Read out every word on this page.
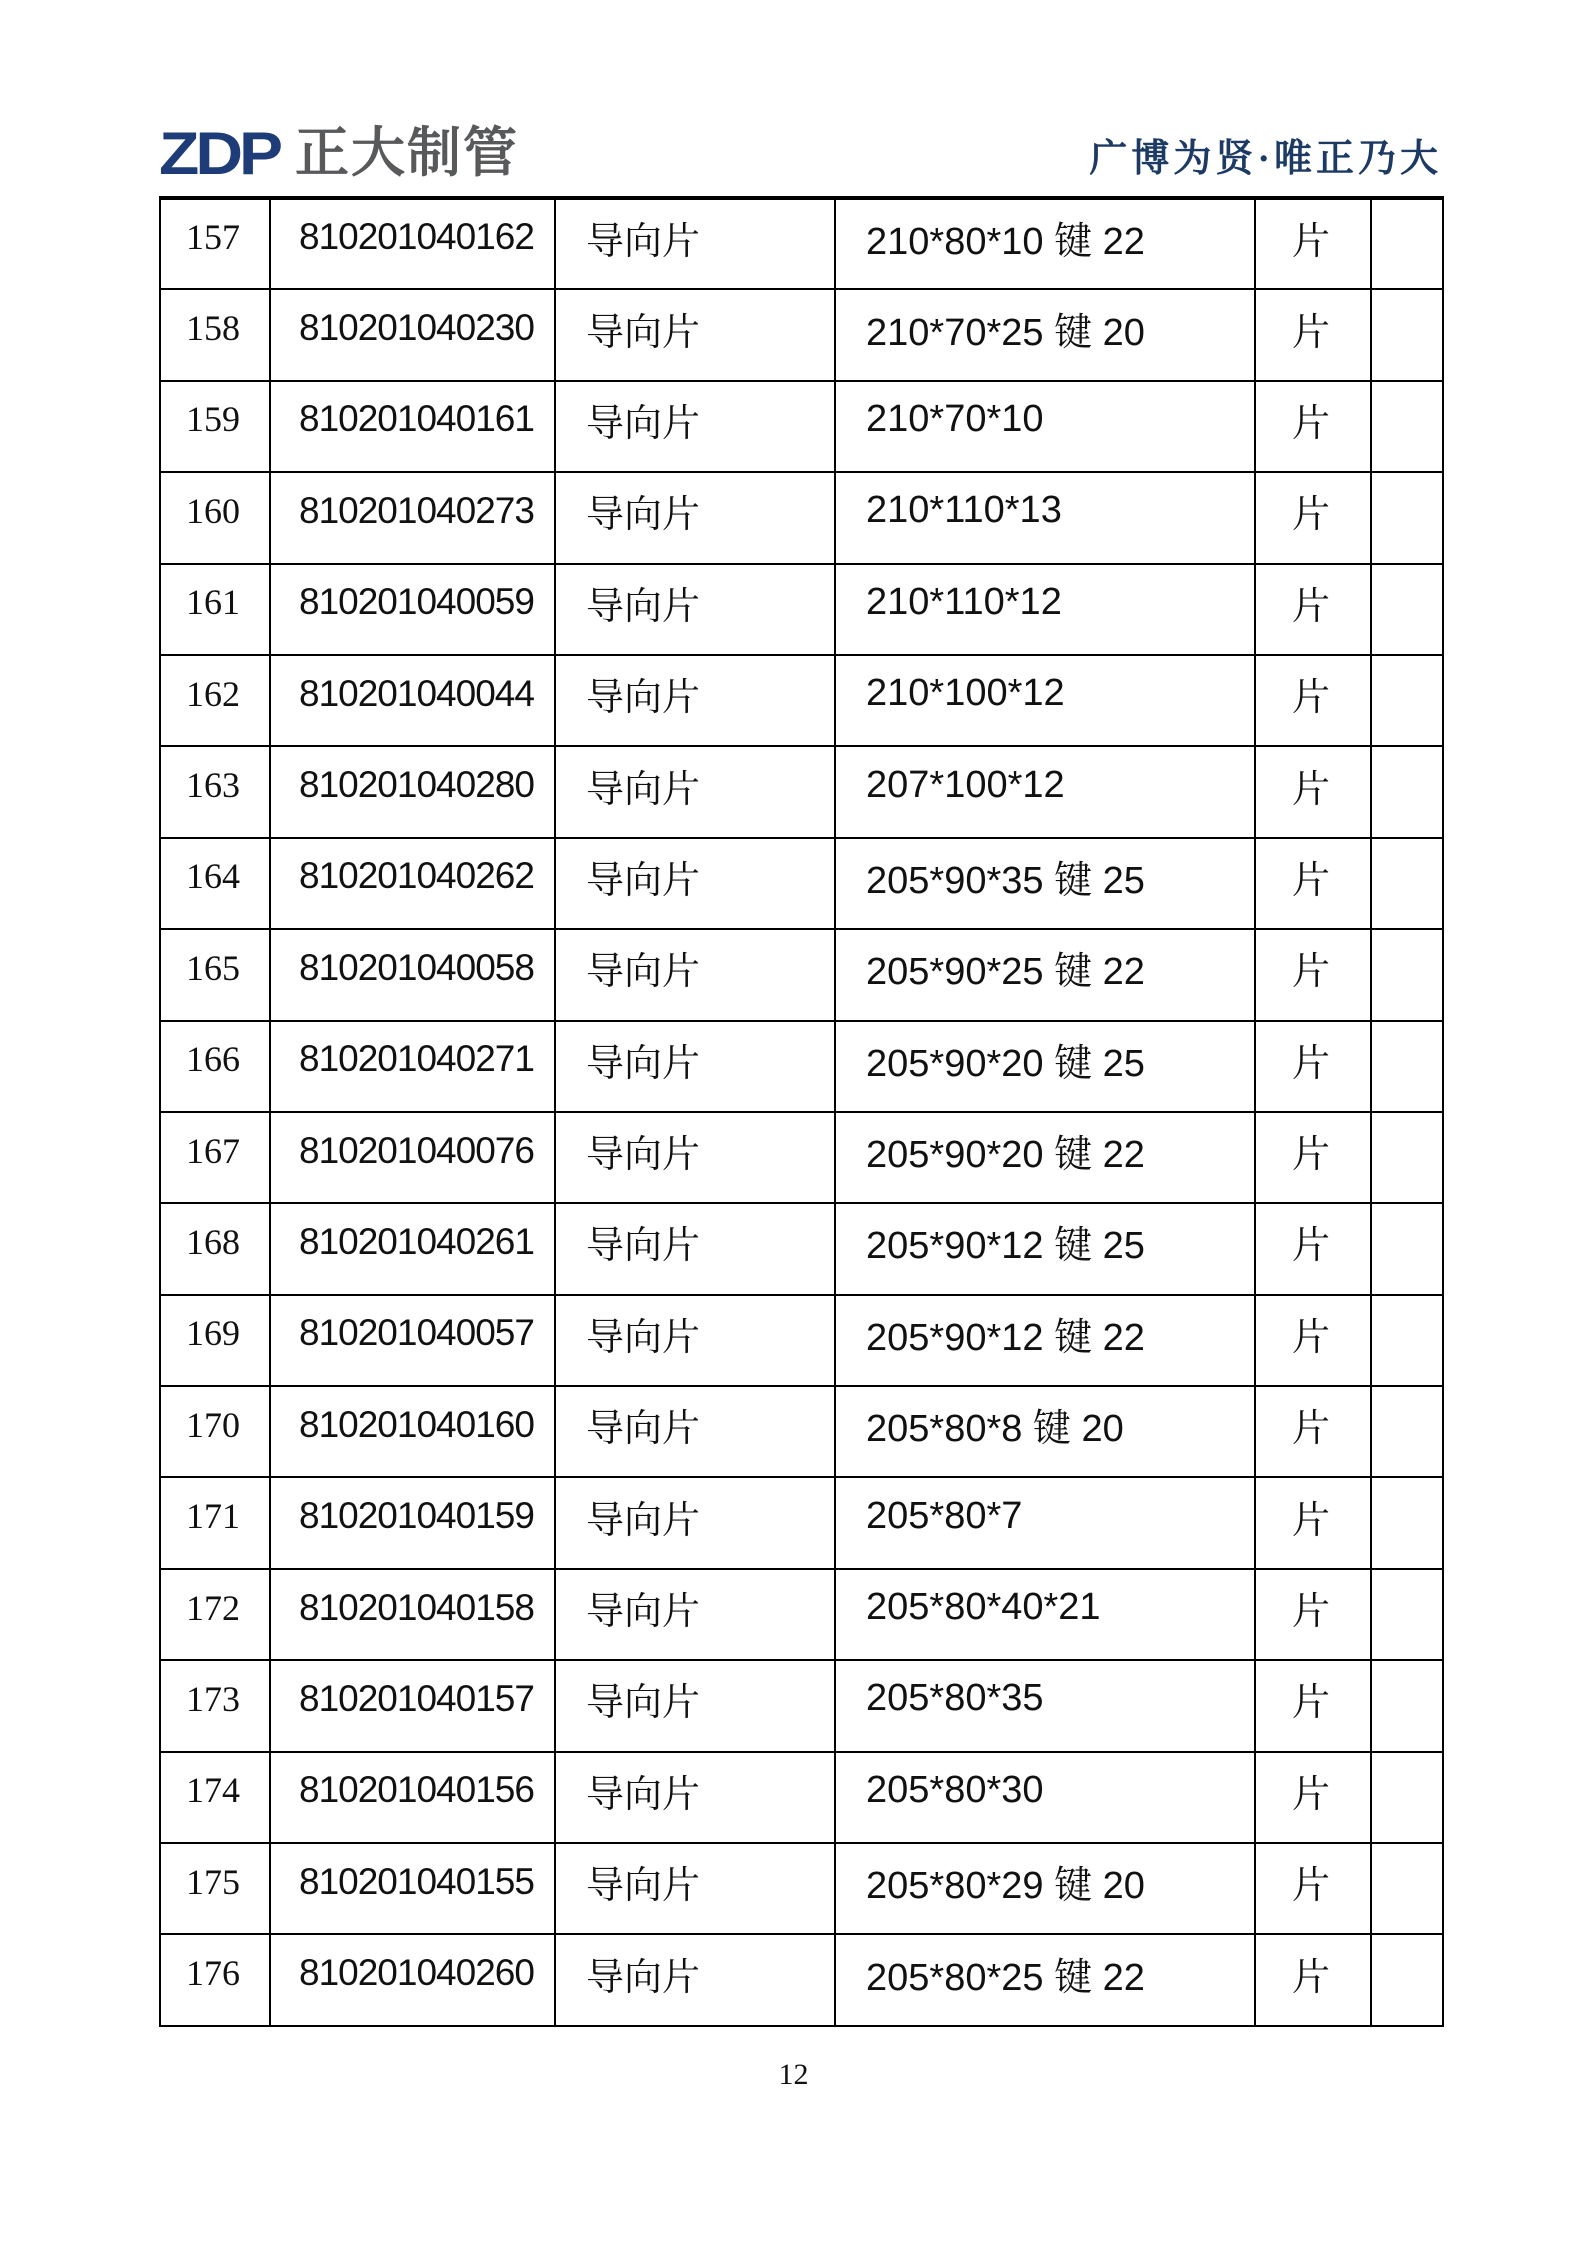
ZDP 正大制管	广博为贤·唯正乃大
157	810201040162	导向片	210*80*10 键 22	片	
158	810201040230	导向片	210*70*25 键 20	片	
159	810201040161	导向片	210*70*10	片	
160	810201040273	导向片	210*110*13	片	
161	810201040059	导向片	210*110*12	片	
162	810201040044	导向片	210*100*12	片	
163	810201040280	导向片	207*100*12	片	
164	810201040262	导向片	205*90*35 键 25	片	
165	810201040058	导向片	205*90*25 键 22	片	
166	810201040271	导向片	205*90*20 键 25	片	
167	810201040076	导向片	205*90*20 键 22	片	
168	810201040261	导向片	205*90*12 键 25	片	
169	810201040057	导向片	205*90*12 键 22	片	
170	810201040160	导向片	205*80*8 键 20	片	
171	810201040159	导向片	205*80*7	片	
172	810201040158	导向片	205*80*40*21	片	
173	810201040157	导向片	205*80*35	片	
174	810201040156	导向片	205*80*30	片	
175	810201040155	导向片	205*80*29 键 20	片	
176	810201040260	导向片	205*80*25 键 22	片	
12
